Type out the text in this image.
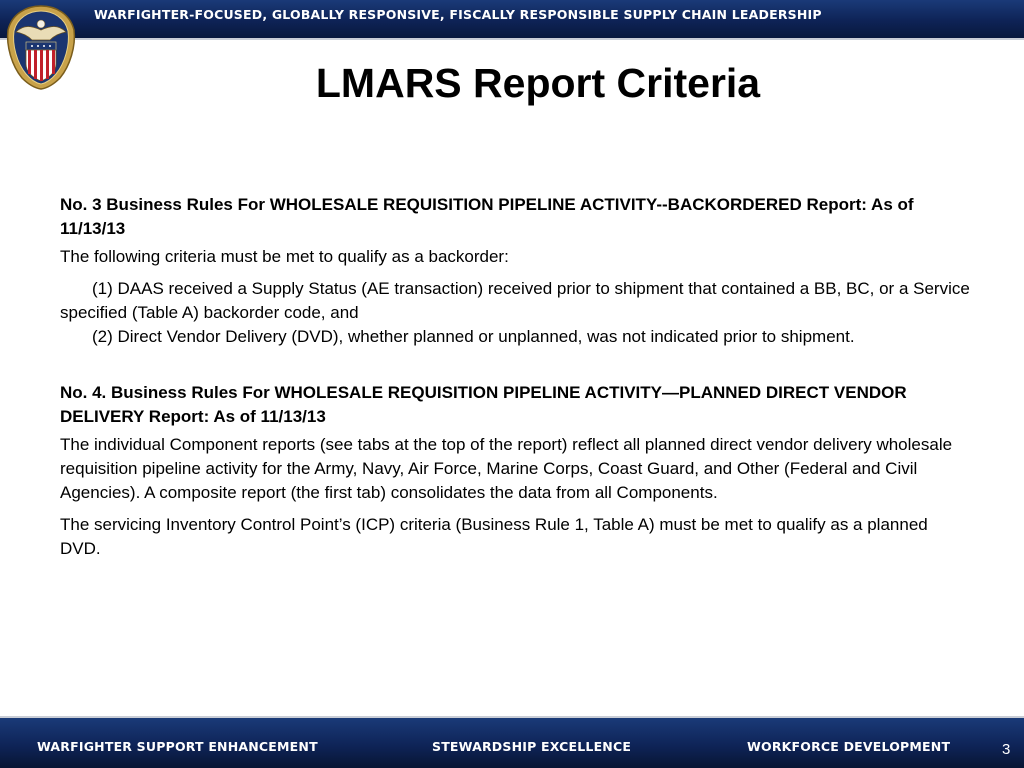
WARFIGHTER-FOCUSED, GLOBALLY RESPONSIVE, FISCALLY RESPONSIBLE SUPPLY CHAIN LEADERSHIP
LMARS Report Criteria

No. 3 Business Rules For WHOLESALE REQUISITION PIPELINE ACTIVITY--BACKORDERED Report: As of 11/13/13

The following criteria must be met to qualify as a backorder:

(1) DAAS received a Supply Status (AE transaction) received prior to shipment that contained a BB, BC, or a Service specified (Table A) backorder code, and

(2) Direct Vendor Delivery (DVD), whether planned or unplanned, was not indicated prior to shipment.

No. 4. Business Rules For WHOLESALE REQUISITION PIPELINE ACTIVITY—PLANNED DIRECT VENDOR DELIVERY Report: As of 11/13/13

The individual Component reports (see tabs at the top of the report) reflect all planned direct vendor delivery wholesale requisition pipeline activity for the Army, Navy, Air Force, Marine Corps, Coast Guard, and Other (Federal and Civil Agencies). A composite report (the first tab) consolidates the data from all Components.

The servicing Inventory Control Point’s (ICP) criteria (Business Rule 1, Table A) must be met to qualify as a planned DVD.

WARFIGHTER SUPPORT ENHANCEMENT	STEWARDSHIP EXCELLENCE	WORKFORCE DEVELOPMENT	3
